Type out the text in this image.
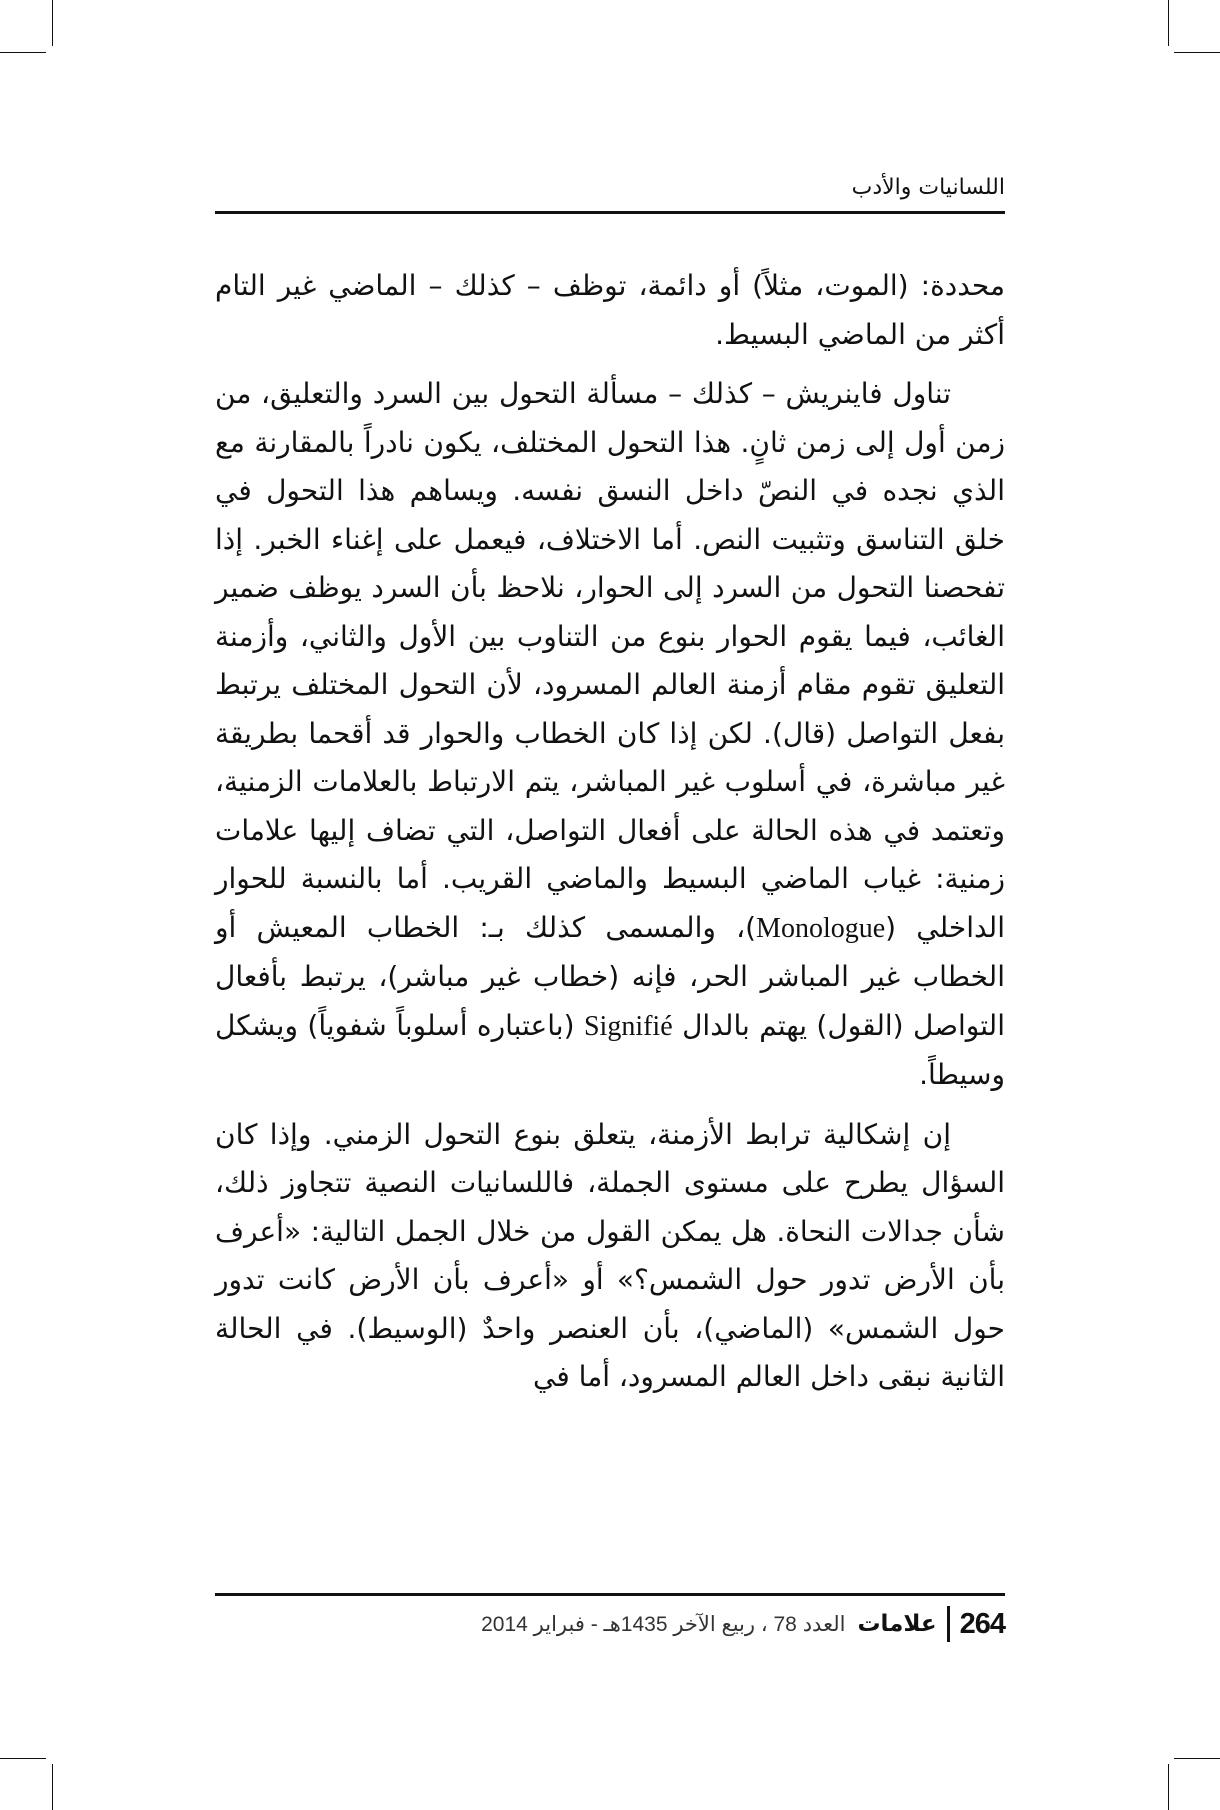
اللسانيات والأدب

محددة: (الموت، مثلاً) أو دائمة، توظف – كذلك – الماضي غير التام أكثر من الماضي البسيط.

تناول فاينريش – كذلك – مسألة التحول بين السرد والتعليق، من زمن أول إلى زمن ثانٍ. هذا التحول المختلف، يكون نادراً بالمقارنة مع الذي نجده في النصّ داخل النسق نفسه. ويساهم هذا التحول في خلق التناسق وتثبيت النص. أما الاختلاف، فيعمل على إغناء الخبر. إذا تفحصنا التحول من السرد إلى الحوار، نلاحظ بأن السرد يوظف ضمير الغائب، فيما يقوم الحوار بنوع من التناوب بين الأول والثاني، وأزمنة التعليق تقوم مقام أزمنة العالم المسرود، لأن التحول المختلف يرتبط بفعل التواصل (قال). لكن إذا كان الخطاب والحوار قد أقحما بطريقة غير مباشرة، في أسلوب غير المباشر، يتم الارتباط بالعلامات الزمنية، وتعتمد في هذه الحالة على أفعال التواصل، التي تضاف إليها علامات زمنية: غياب الماضي البسيط والماضي القريب. أما بالنسبة للحوار الداخلي (Monologue)، والمسمى كذلك بـ: الخطاب المعيش أو الخطاب غير المباشر الحر، فإنه (خطاب غير مباشر)، يرتبط بأفعال التواصل (القول) يهتم بالدال Signifié (باعتباره أسلوباً شفوياً) ويشكل وسيطاً.

إن إشكالية ترابط الأزمنة، يتعلق بنوع التحول الزمني. وإذا كان السؤال يطرح على مستوى الجملة، فاللسانيات النصية تتجاوز ذلك، شأن جدالات النحاة. هل يمكن القول من خلال الجمل التالية: «أعرف بأن الأرض تدور حول الشمس؟» أو «أعرف بأن الأرض كانت تدور حول الشمس» (الماضي)، بأن العنصر واحدٌ (الوسيط). في الحالة الثانية نبقى داخل العالم المسرود، أما في

264
علامات
العدد 78 ، ربيع الآخر 1435هـ - فبراير 2014
